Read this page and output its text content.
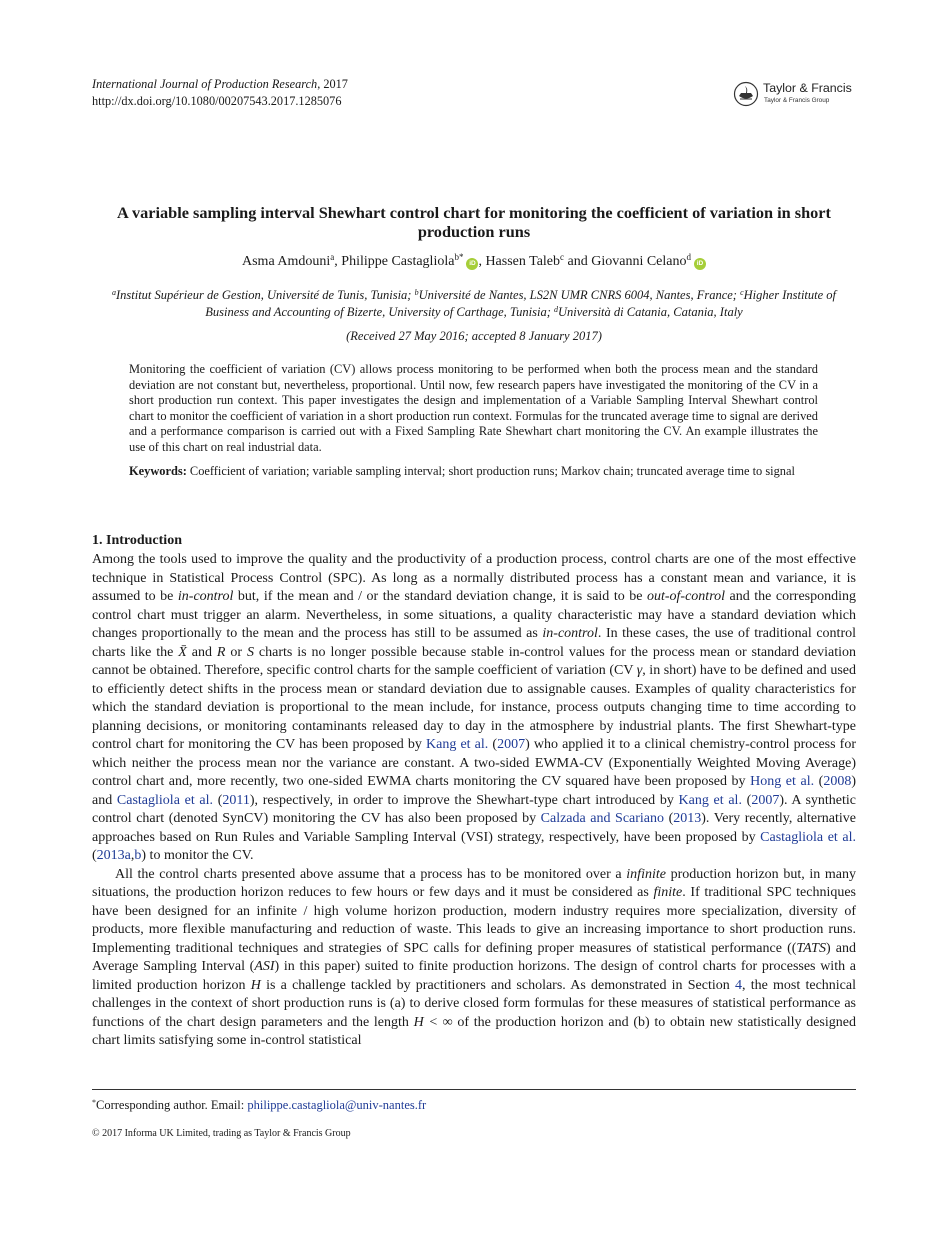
International Journal of Production Research, 2017
http://dx.doi.org/10.1080/00207543.2017.1285076
Taylor & Francis
Taylor & Francis Group
A variable sampling interval Shewhart control chart for monitoring the coefficient of variation in short production runs
Asma Amdouni$^a$, Philippe Castagliola$^{b*}$iD , Hassen Taleb$^c$ and Giovanni Celano$^d$iD
$^a$Institut Supérieur de Gestion, Université de Tunis, Tunisia; $^b$Université de Nantes, LS2N UMR CNRS 6004, Nantes, France; $^c$Higher Institute of Business and Accounting of Bizerte, University of Carthage, Tunisia; $^d$Università di Catania, Catania, Italy
(Received 27 May 2016; accepted 8 January 2017)
Monitoring the coefficient of variation (CV) allows process monitoring to be performed when both the process mean and the standard deviation are not constant but, nevertheless, proportional. Until now, few research papers have investigated the monitoring of the CV in a short production run context. This paper investigates the design and implementation of a Variable Sampling Interval Shewhart control chart to monitor the coefficient of variation in a short production run context. Formulas for the truncated average time to signal are derived and a performance comparison is carried out with a Fixed Sampling Rate Shewhart chart monitoring the CV. An example illustrates the use of this chart on real industrial data.
Keywords: Coefficient of variation; variable sampling interval; short production runs; Markov chain; truncated average time to signal
1. Introduction

Among the tools used to improve the quality and the productivity of a production process, control charts are one of the most effective technique in Statistical Process Control (SPC). As long as a normally distributed process has a constant mean and variance, it is assumed to be in-control but, if the mean and / or the standard deviation change, it is said to be out-of-control and the corresponding control chart must trigger an alarm. Nevertheless, in some situations, a quality characteristic may have a standard deviation which changes proportionally to the mean and the process has still to be assumed as in-control. In these cases, the use of traditional control charts like the X̄ and R or S charts is no longer possible because stable in-control values for the process mean or standard deviation cannot be obtained. Therefore, specific control charts for the sample coefficient of variation (CV γ, in short) have to be defined and used to efficiently detect shifts in the process mean or standard deviation due to assignable causes. Examples of quality characteristics for which the standard deviation is proportional to the mean include, for instance, process outputs changing time to time according to planning decisions, or monitoring contaminants released day to day in the atmosphere by industrial plants. The first Shewhart-type control chart for monitoring the CV has been proposed by Kang et al. (2007) who applied it to a clinical chemistry-control process for which neither the process mean nor the variance are constant. A two-sided EWMA-CV (Exponentially Weighted Moving Average) control chart and, more recently, two one-sided EWMA charts monitoring the CV squared have been proposed by Hong et al. (2008) and Castagliola et al. (2011), respectively, in order to improve the Shewhart-type chart introduced by Kang et al. (2007). A synthetic control chart (denoted SynCV) monitoring the CV has also been proposed by Calzada and Scariano (2013). Very recently, alternative approaches based on Run Rules and Variable Sampling Interval (VSI) strategy, respectively, have been proposed by Castagliola et al. (2013a,b) to monitor the CV.

All the control charts presented above assume that a process has to be monitored over a infinite production horizon but, in many situations, the production horizon reduces to few hours or few days and it must be considered as finite. If traditional SPC techniques have been designed for an infinite / high volume horizon production, modern industry requires more specialization, diversity of products, more flexible manufacturing and reduction of waste. This leads to give an increasing importance to short production runs. Implementing traditional techniques and strategies of SPC calls for defining proper measures of statistical performance ((TATS) and Average Sampling Interval (ASI) in this paper) suited to finite production horizons. The design of control charts for processes with a limited production horizon H is a challenge tackled by practitioners and scholars. As demonstrated in Section 4, the most technical challenges in the context of short production runs is (a) to derive closed form formulas for these measures of statistical performance as functions of the chart design parameters and the length H < ∞ of the production horizon and (b) to obtain new statistically designed chart limits satisfying some in-control statistical

*Corresponding author. Email: philippe.castagliola@univ-nantes.fr
© 2017 Informa UK Limited, trading as Taylor & Francis Group
